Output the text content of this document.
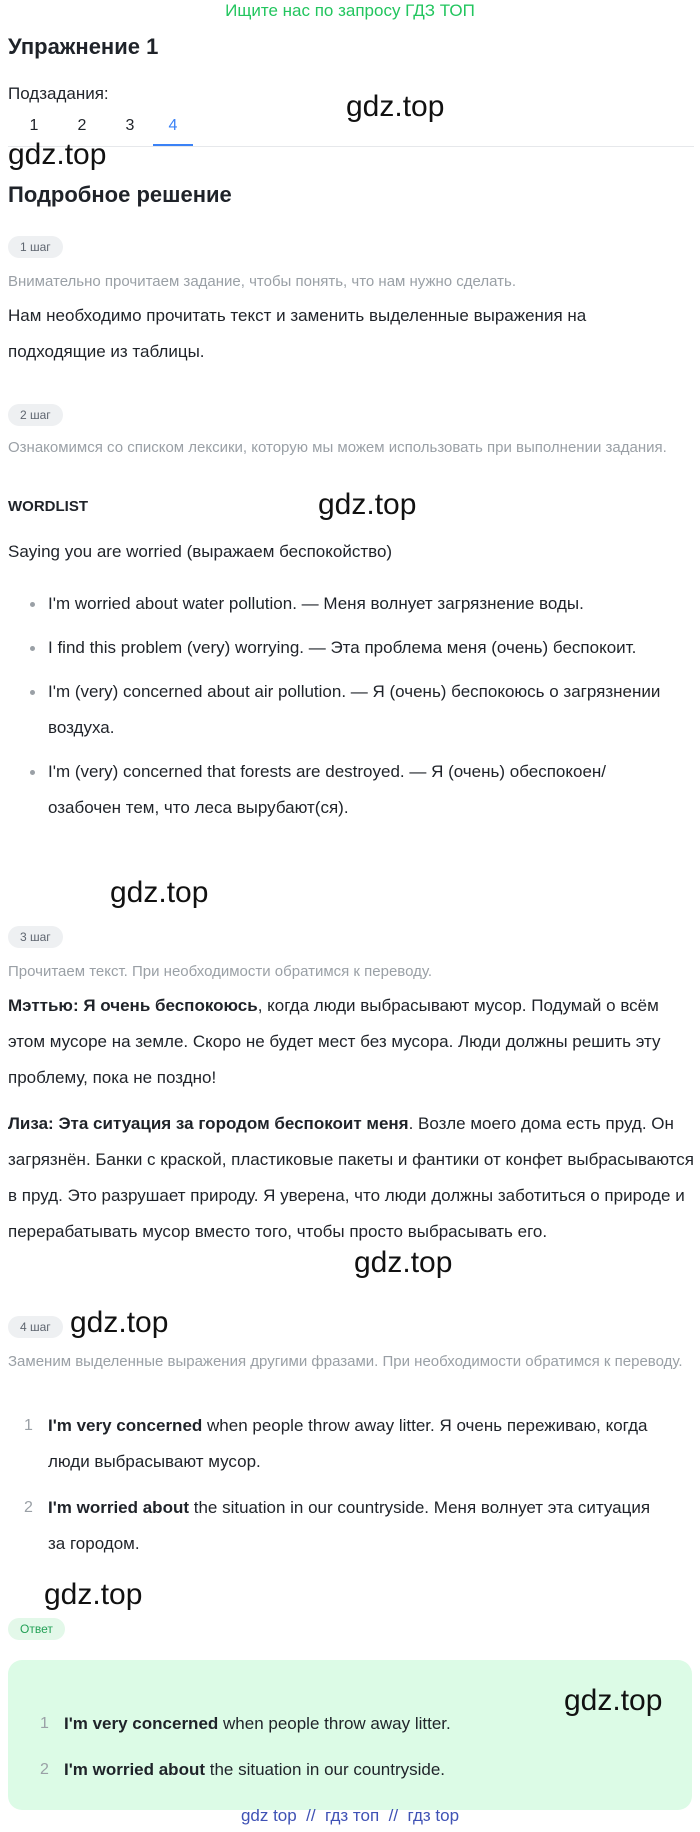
Ищите нас по запросу ГДЗ ТОП
Упражнение 1
Подзадания:
1	2	3	4
gdz.top
gdz.top
gdz.top
gdz.top
gdz.top
gdz.top
gdz.top
Подробное решение
1 шаг
Внимательно прочитаем задание, чтобы понять, что нам нужно сделать.
Нам необходимо прочитать текст и заменить выделенные выражения на подходящие из таблицы.
2 шаг
Ознакомимся со списком лексики, которую мы можем использовать при выполнении задания.
WORDLIST
Saying you are worried (выражаем беспокойство)
I'm worried about water pollution. — Меня волнует загрязнение воды.
I find this problem (very) worrying. — Эта проблема меня (очень) беспокоит.
I'm (very) concerned about air pollution. — Я (очень) беспокоюсь о загрязнении воздуха.
I'm (very) concerned that forests are destroyed. — Я (очень) обеспокоен/ озабочен тем, что леса вырубают(ся).
3 шаг
Прочитаем текст. При необходимости обратимся к переводу.
Мэттью: Я очень беспокоюсь, когда люди выбрасывают мусор. Подумай о всём этом мусоре на земле. Скоро не будет мест без мусора. Люди должны решить эту проблему, пока не поздно!
Лиза: Эта ситуация за городом беспокоит меня. Возле моего дома есть пруд. Он загрязнён. Банки с краской, пластиковые пакеты и фантики от конфет выбрасываются в пруд. Это разрушает природу. Я уверена, что люди должны заботиться о природе и перерабатывать мусор вместо того, чтобы просто выбрасывать его.
4 шаг
Заменим выделенные выражения другими фразами. При необходимости обратимся к переводу.
1 I'm very concerned when people throw away litter. Я очень переживаю, когда люди выбрасывают мусор.
2 I'm worried about the situation in our countryside. Меня волнует эта ситуация за городом.
Ответ
gdz.top
1 I'm very concerned when people throw away litter.
2 I'm worried about the situation in our countryside.
gdz top  //  гдз топ  //  гдз top
